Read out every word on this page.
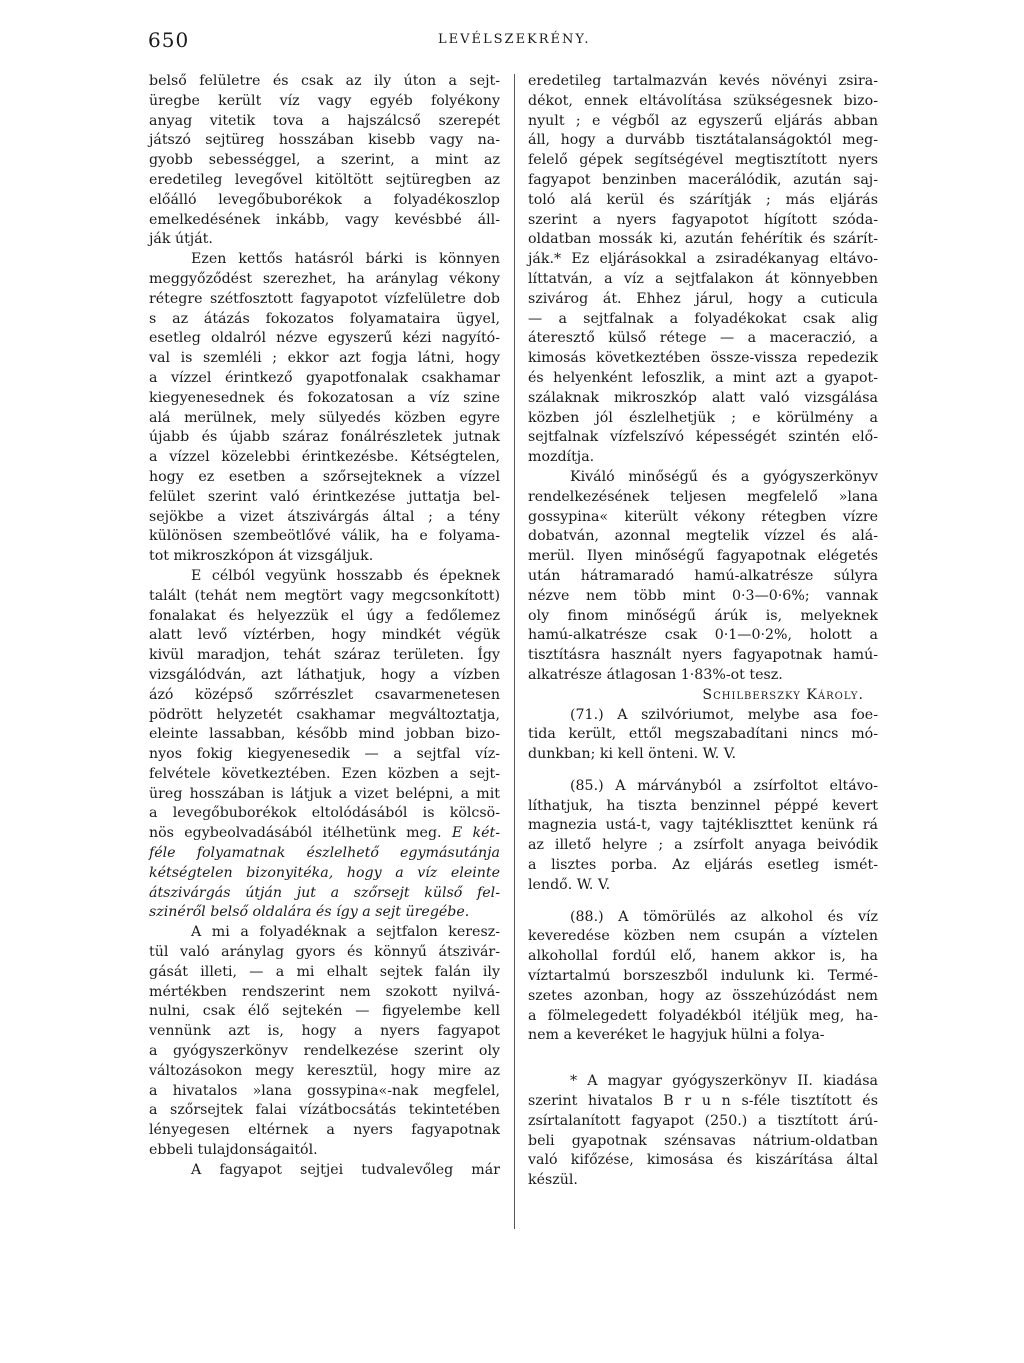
650	LEVÉLSZEKRÉNY.
belső felületre és csak az ily úton a sejt-
üregbe került víz vagy egyéb folyékony
anyag vitetik tova a hajszálcső szerepét
játszó sejtüreg hosszában kisebb vagy na-
gyobb sebességgel, a szerint, a mint az
eredetileg levegővel kitöltött sejtüregben az
előálló levegőbuborékok a folyadékoszlop
emelkedésének inkább, vagy kevésbbé áll-
ják útját.
Ezen kettős hatásról bárki is könnyen
meggyőződést szerezhet, ha aránylag vékony
rétegre szétfosztott fagyapotot vízfelületre dob
s az átázás fokozatos folyamataira ügyel,
esetleg oldalról nézve egyszerű kézi nagyító-
val is szemléli ; ekkor azt fogja látni, hogy
a vízzel érintkező gyapotfonalak csakhamar
kiegyenesednek és fokozatosan a víz szine
alá merülnek, mely sülyedés közben egyre
újabb és újabb száraz fonálrészletek jutnak
a vízzel közelebbi érintkezésbe. Kétségtelen,
hogy ez esetben a szőrsejteknek a vízzel
felület szerint való érintkezése juttatja bel-
sejökbe a vizet átszivárgás által ; a tény
különösen szembeötlővé válik, ha e folyama-
tot mikroszkópon át vizsgáljuk.
E célból vegyünk hosszabb és épeknek
talált (tehát nem megtört vagy megcsonkított)
fonalakat és helyezzük el úgy a fedőlemez
alatt levő víztérben, hogy mindkét végük
kivül maradjon, tehát száraz területen. Így
vizsgálódván, azt láthatjuk, hogy a vízben
ázó középső szőrrészlet csavarmenetesen
pödrött helyzetét csakhamar megváltoztatja,
eleinte lassabban, később mind jobban bizo-
nyos fokig kiegyenesedik — a sejtfal víz-
felvétele következtében. Ezen közben a sejt-
üreg hosszában is látjuk a vizet belépni, a mit
a levegőbuborékok eltolódásából is kölcsö-
nös egybeolvadásából itélhetünk meg. E két-
féle folyamatnak észlelhető egymásutánja
kétségtelen bizonyitéka, hogy a víz eleinte
átszivárgás útján jut a szőrsejt külső fel-
szinéről belső oldalára és így a sejt üregébe.
A mi a folyadéknak a sejtfalon keresz-
tül való aránylag gyors és könnyű átszivár-
gását illeti, — a mi elhalt sejtek falán ily
mértékben rendszerint nem szokott nyilvá-
nulni, csak élő sejtekén — figyelembe kell
vennünk azt is, hogy a nyers fagyapot
a gyógyszerkönyv rendelkezése szerint oly
változásokon megy keresztül, hogy mire az
a hivatalos »lana gossypina«-nak megfelel,
a szőrsejtek falai vízátbocsátás tekintetében
lényegesen eltérnek a nyers fagyapotnak
ebbeli tulajdonságaitól.
A fagyapot sejtjei tudvalevőleg már
eredetileg tartalmazván kevés növényi zsira-
dékot, ennek eltávolítása szükségesnek bizo-
nyult ; e végből az egyszerű eljárás abban
áll, hogy a durvább tisztátalanságoktól meg-
felelő gépek segítségével megtisztított nyers
fagyapot benzinben macerálódik, azután saj-
toló alá kerül és szárítják ; más eljárás
szerint a nyers fagyapotot hígított szóda-
oldatban mossák ki, azután fehérítik és szárít-
ják.* Ez eljárásokkal a zsiradékanyag eltávo-
líttatván, a víz a sejtfalakon át könnyebben
szivárog át. Ehhez járul, hogy a cuticula
— a sejtfalnak a folyadékokat csak alig
áteresztő külső rétege — a maceraczió, a
kimosás következtében össze-vissza repedezik
és helyenként lefoszlik, a mint azt a gyapot-
szálaknak mikroszkóp alatt való vizsgálása
közben jól észlelhetjük ; e körülmény a
sejtfalnak vízfelszívó képességét szintén elő-
mozdítja.
Kiváló minőségű és a gyógyszerkönyv
rendelkezésének teljesen megfelelő »lana
gossypina« kiterült vékony rétegben vízre
dobatván, azonnal megtelik vízzel és alá-
merül. Ilyen minőségű fagyapotnak elégetés
után hátramaradó hamú-alkatrésze súlyra
nézve nem több mint 0·3—0·6%; vannak
oly finom minőségű árúk is, melyeknek
hamú-alkatrésze csak 0·1—0·2%, holott a
tisztításra használt nyers fagyapotnak hamú-
alkatrésze átlagosan 1·83%-ot tesz.
Schilberszky Károly.
(71.) A szilvóriumot, melybe asa foe-
tida került, ettől megszabadítani nincs mó-
dunkban; ki kell önteni. W. V.
(85.) A márványból a zsírfoltot eltávo-
líthatjuk, ha tiszta benzinnel péppé kevert
magnezia ustá-t, vagy tajtékliszttet kenünk rá
az illető helyre ; a zsírfolt anyaga beivódik
a lisztes porba. Az eljárás esetleg ismét-
lendő. W. V.
(88.) A tömörülés az alkohol és víz
keveredése közben nem csupán a víztelen
alkohollal fordúl elő, hanem akkor is, ha
víztartalmú borszeszből indulunk ki. Termé-
szetes azonban, hogy az összehúzódást nem
a fölmelegedett folyadékból itéljük meg, ha-
nem a keveréket le hagyjuk hülni a folya-
* A magyar gyógyszerkönyv II. kiadása
szerint hivatalos B r u n s-féle tisztított és
zsírtalanított fagyapot (250.) a tisztított árú-
beli gyapotnak szénsavas nátrium-oldatban
való kifőzése, kimosása és kiszárítása által
készül.
